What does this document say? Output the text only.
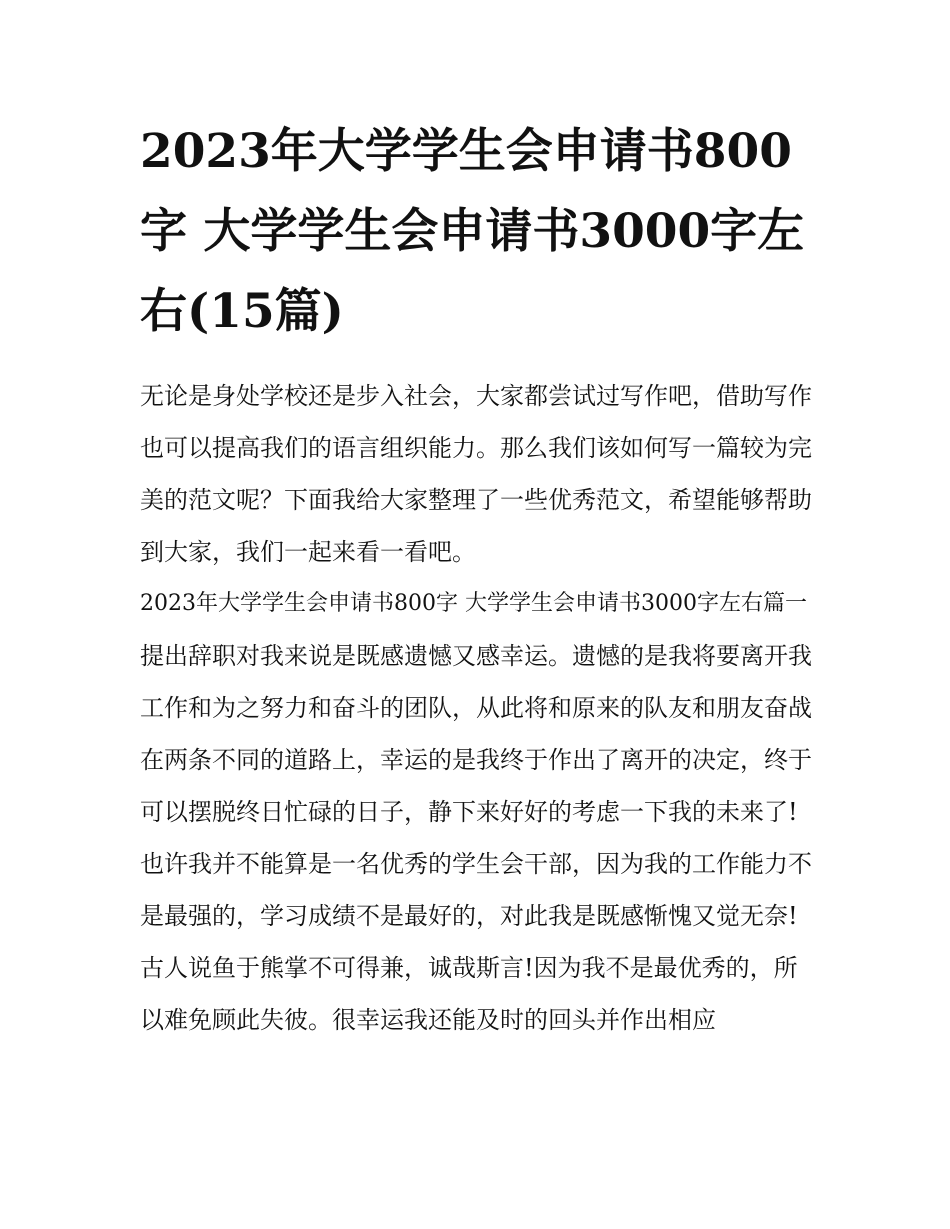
2023年大学学生会申请书800字 大学学生会申请书3000字左右(15篇)

无论是身处学校还是步入社会，大家都尝试过写作吧，借助写作也可以提高我们的语言组织能力。那么我们该如何写一篇较为完美的范文呢？下面我给大家整理了一些优秀范文，希望能够帮助到大家，我们一起来看一看吧。

2023年大学学生会申请书800字 大学学生会申请书3000字左右篇一

提出辞职对我来说是既感遗憾又感幸运。遗憾的是我将要离开我工作和为之努力和奋斗的团队，从此将和原来的队友和朋友奋战在两条不同的道路上，幸运的是我终于作出了离开的决定，终于可以摆脱终日忙碌的日子，静下来好好的考虑一下我的未来了!

也许我并不能算是一名优秀的学生会干部，因为我的工作能力不是最强的，学习成绩不是最好的，对此我是既感惭愧又觉无奈!古人说鱼于熊掌不可得兼，诚哉斯言!因为我不是最优秀的，所以难免顾此失彼。很幸运我还能及时的回头并作出相应
